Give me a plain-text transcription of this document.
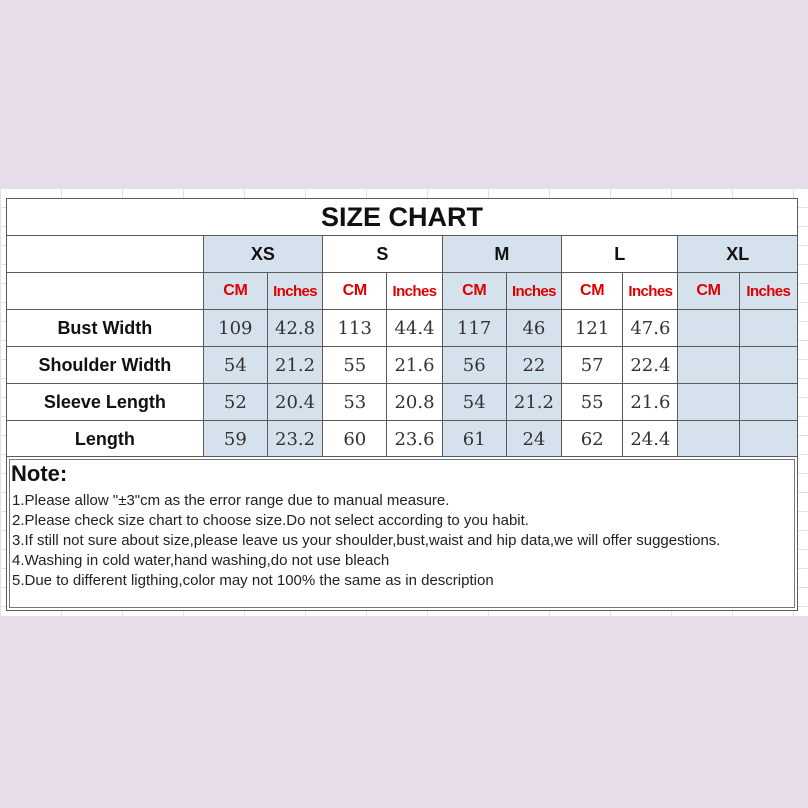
SIZE CHART										
	XS		S		M		L		XL	
	CM	Inches	CM	Inches	CM	Inches	CM	Inches	CM	Inches
Bust Width	109	42.8	113	44.4	117	46	121	47.6		
Shoulder Width	54	21.2	55	21.6	56	22	57	22.4		
Sleeve Length	52	20.4	53	20.8	54	21.2	55	21.6		
Length	59	23.2	60	23.6	61	24	62	24.4		
Note:
1.Please allow "±3"cm as the error range due to manual measure.
2.Please check size chart to choose size.Do not select according to you habit.
3.If still not sure about size,please leave us your shoulder,bust,waist and hip data,we will offer suggestions.
4.Washing in cold water,hand washing,do not use bleach
5.Due to different ligthing,color may not 100% the same as in description
